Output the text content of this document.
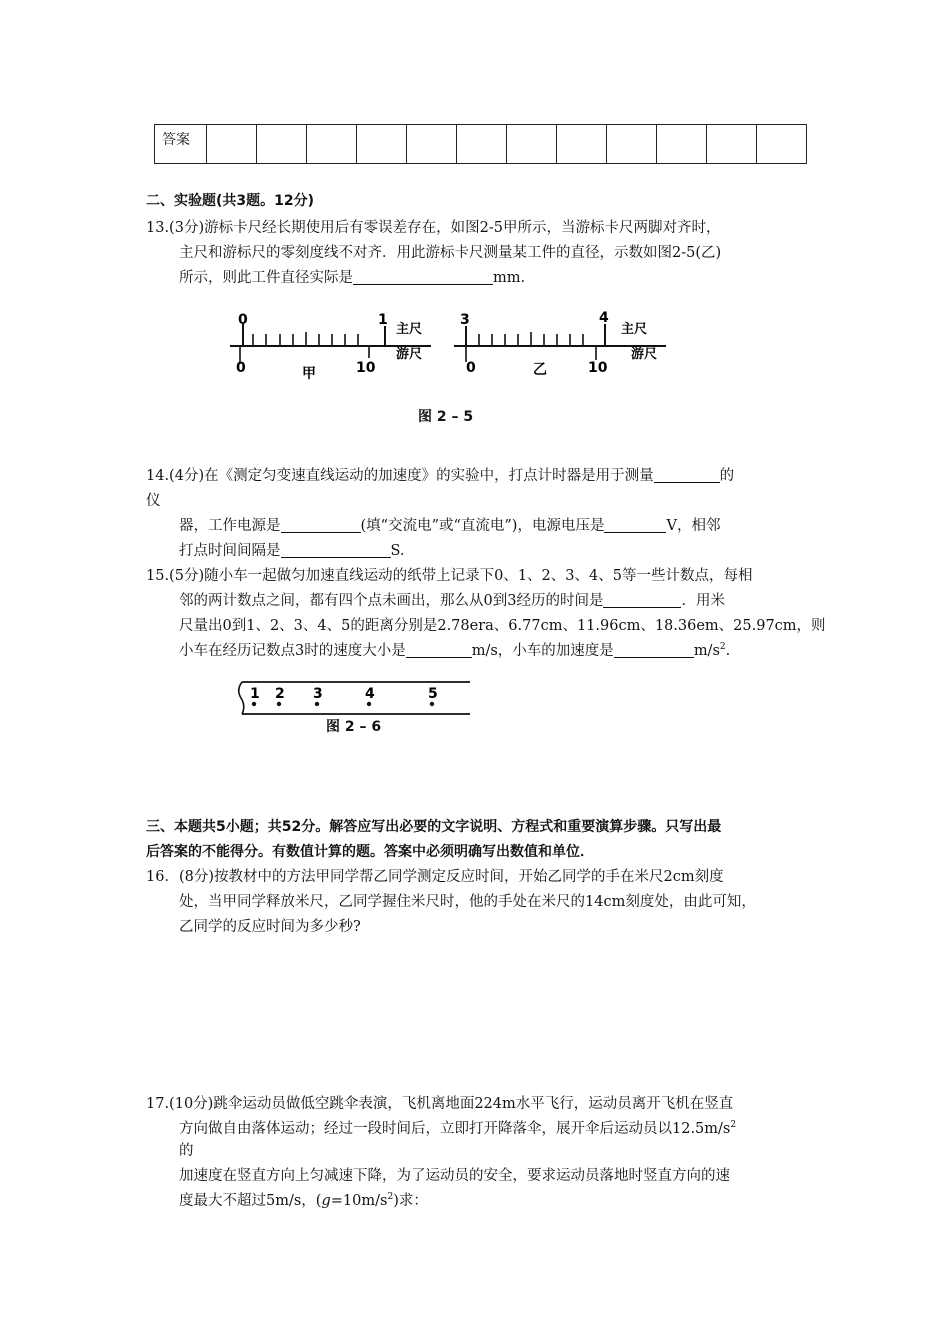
答案												
二、实验题(共3题。12分)
13.(3分)游标卡尺经长期使用后有零误差存在，如图2-5甲所示，当游标卡尺两脚对齐时，
主尺和游标尺的零刻度线不对齐．用此游标卡尺测量某工件的直径，示数如图2-5(乙)
所示，则此工件直径实际是	mm.
0	1
主尺
游尺
0	10
甲
3	4
主尺
游尺
0	10
乙
图 2 – 5
14.(4分)在《测定匀变速直线运动的加速度》的实验中，打点计时器是用于测量	的
仪
器，工作电源是	(填“交流电”或“直流电”)，电源电压是	V，相邻
打点时间间隔是	S.
15.(5分)随小车一起做匀加速直线运动的纸带上记录下0、1、2、3、4、5等一些计数点，每相
邻的两计数点之间，都有四个点未画出，那么从0到3经历的时间是	．用米
尺量出0到1、2、3、4、5的距离分别是2.78era、6.77cm、11.96cm、18.36em、25.97cm，则
小车在经历记数点3时的速度大小是	m/s，小车的加速度是	$m/s^2$.
1 2 3	4	5
图 2 – 6
三、本题共5小题；共52分。解答应写出必要的文字说明、方程式和重要演算步骤。只写出最
后答案的不能得分。有数值计算的题。答案中必须明确写出数值和单位．
16．(8分)按教材中的方法甲同学帮乙同学测定反应时间，开始乙同学的手在米尺2cm刻度
处，当甲同学释放米尺，乙同学握住米尺时，他的手处在米尺的14cm刻度处，由此可知，
乙同学的反应时间为多少秒?
17.(10分)跳伞运动员做低空跳伞表演，飞机离地面224m水平飞行，运动员离开飞机在竖直
方向做自由落体运动；经过一段时间后，立即打开降落伞，展开伞后运动员以$12.5m/s^2$
的
加速度在竖直方向上匀减速下降，为了运动员的安全，要求运动员落地时竖直方向的速
度最大不超过5m/s，$(g=10m/s^2)$求：
